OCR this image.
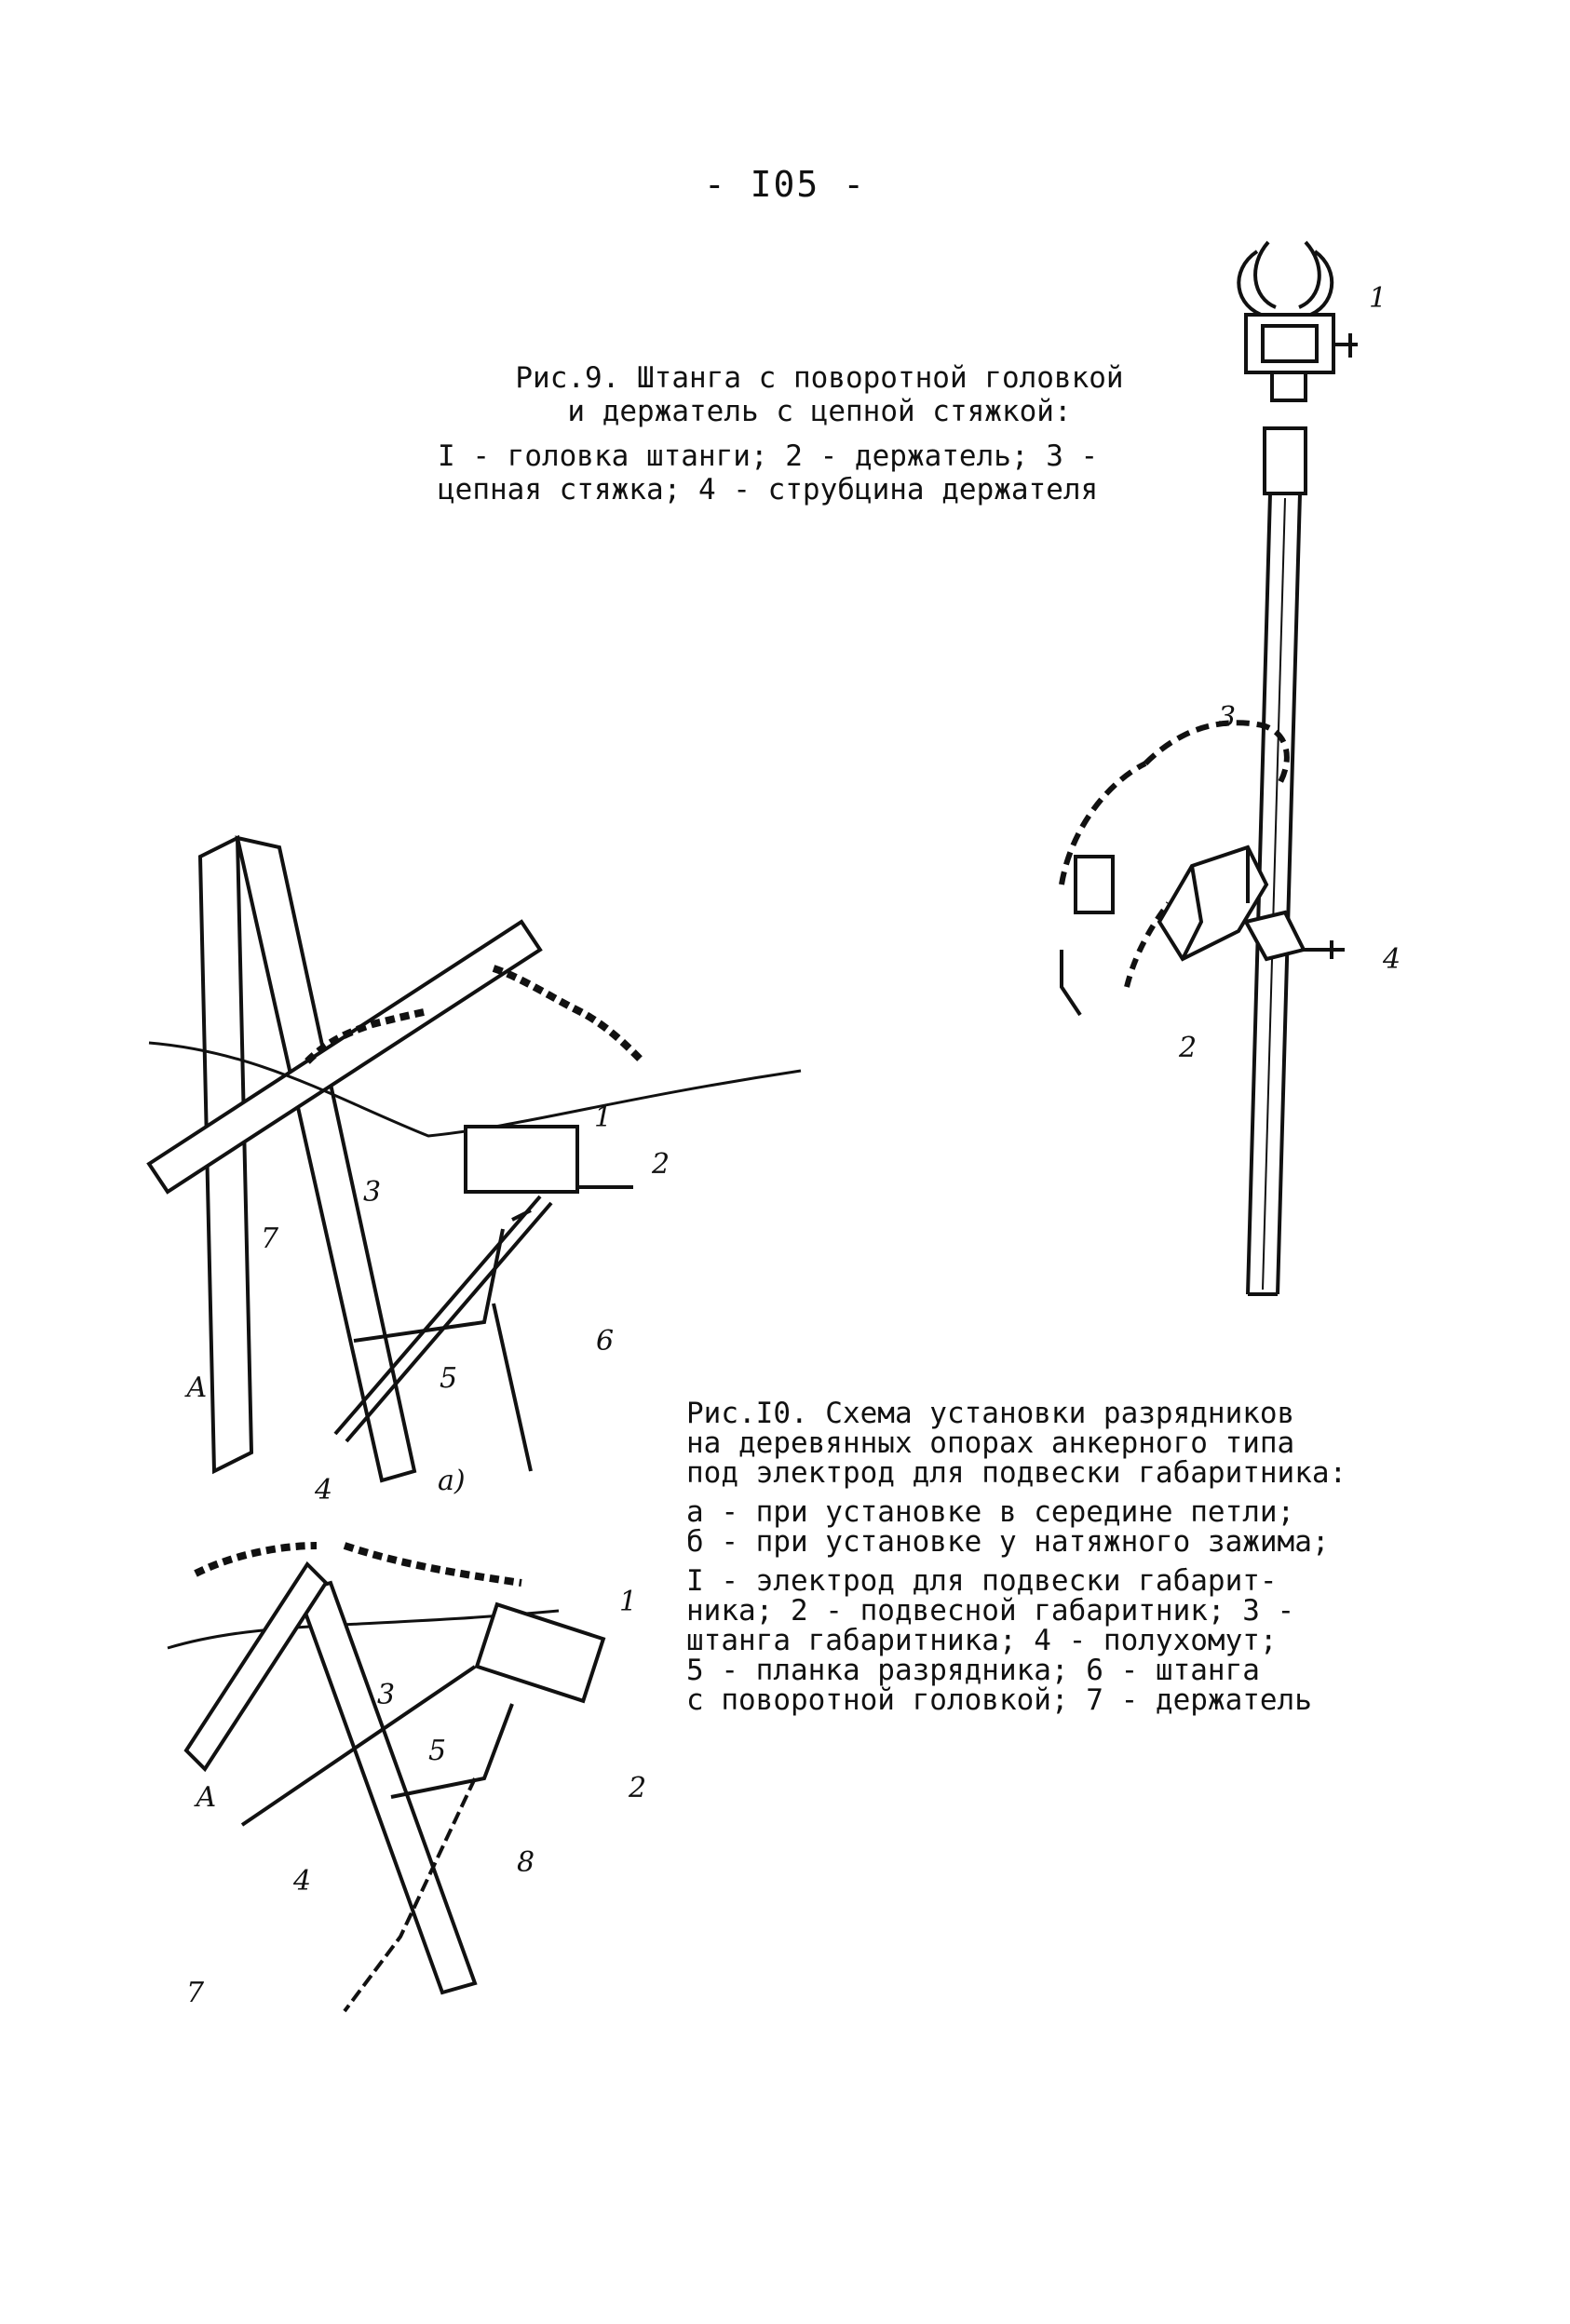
- I05 -
Рис.9. Штанга с поворотной головкой
и держатель с цепной стяжкой:
I - головка штанги; 2 - держатель; 3 -
цепная стяжка; 4 - струбцина держателя
1
3
4
2
1
2
3
7
6
5
А
4	а)
1
3
2
5
А
4
8
7
Рис.I0. Схема установки разрядников
на деревянных опорах анкерного типа
под электрод для подвески габаритника:
а - при установке в середине петли;
б - при установке у натяжного зажима;
I - электрод для подвески габарит-
ника; 2 - подвесной габаритник; 3 -
штанга габаритника; 4 - полухомут;
5 - планка разрядника; 6 - штанга
с поворотной головкой; 7 - держатель
